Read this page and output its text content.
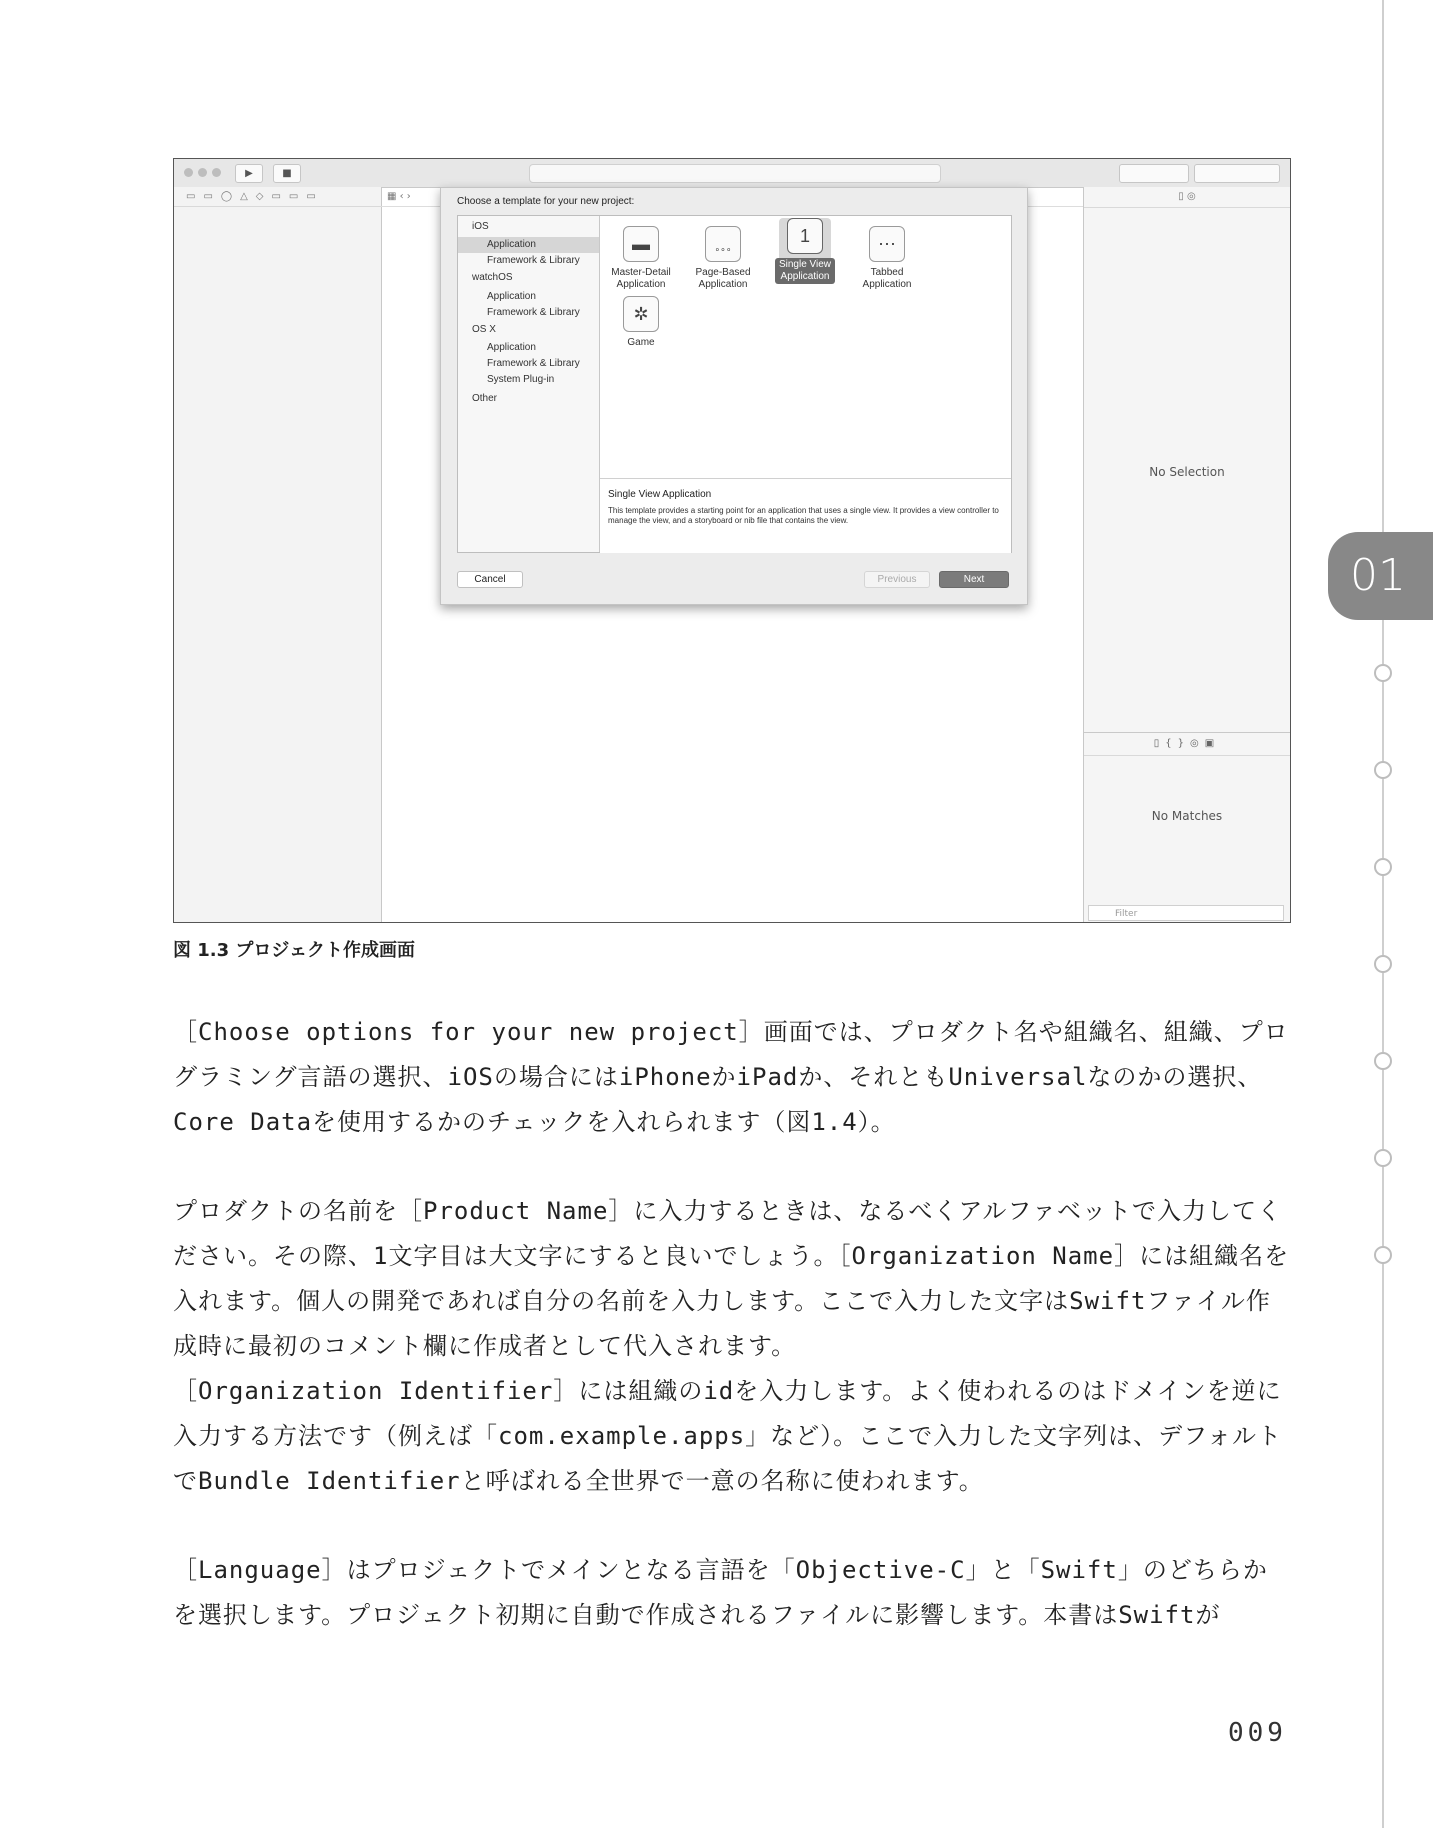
01
▶	■
▭▭◯△◇▭▭▭	▦ ‹ ›	▯ ◎
No Selection
▯{}◎▣
No Matches
Filter
Choose a template for your new project:
iOS
Application
Framework & Library
watchOS
Application
Framework & Library
OS X
Application
Framework & Library
System Plug-in
Other
▬
Master-Detail
Application
∘∘∘
Page-Based
Application
1
Single View
Application
⋯
Tabbed
Application
✲
Game
Single View Application
This template provides a starting point for an application that uses a single view. It provides a view controller to manage the view, and a storyboard or nib file that contains the view.
Cancel	Previous	Next
図 1.3 プロジェクト作成画面

［Choose options for your new project］画面では、プロダクト名や組織名、組織、プログラミング言語の選択、iOSの場合にはiPhoneかiPadか、それともUniversalなのかの選択、Core Dataを使用するかのチェックを入れられます（図1.4）。

プロダクトの名前を［Product Name］に入力するときは、なるべくアルファベットで入力してください。その際、1文字目は大文字にすると良いでしょう。［Organization Name］には組織名を入れます。個人の開発であれば自分の名前を入力します。ここで入力した文字はSwiftファイル作成時に最初のコメント欄に作成者として代入されます。

［Organization Identifier］には組織のidを入力します。よく使われるのはドメインを逆に入力する方法です（例えば「com.example.apps」など）。ここで入力した文字列は、デフォルトでBundle Identifierと呼ばれる全世界で一意の名称に使われます。

［Language］はプロジェクトでメインとなる言語を「Objective-C」と「Swift」のどちらかを選択します。プロジェクト初期に自動で作成されるファイルに影響します。本書はSwiftが

009
